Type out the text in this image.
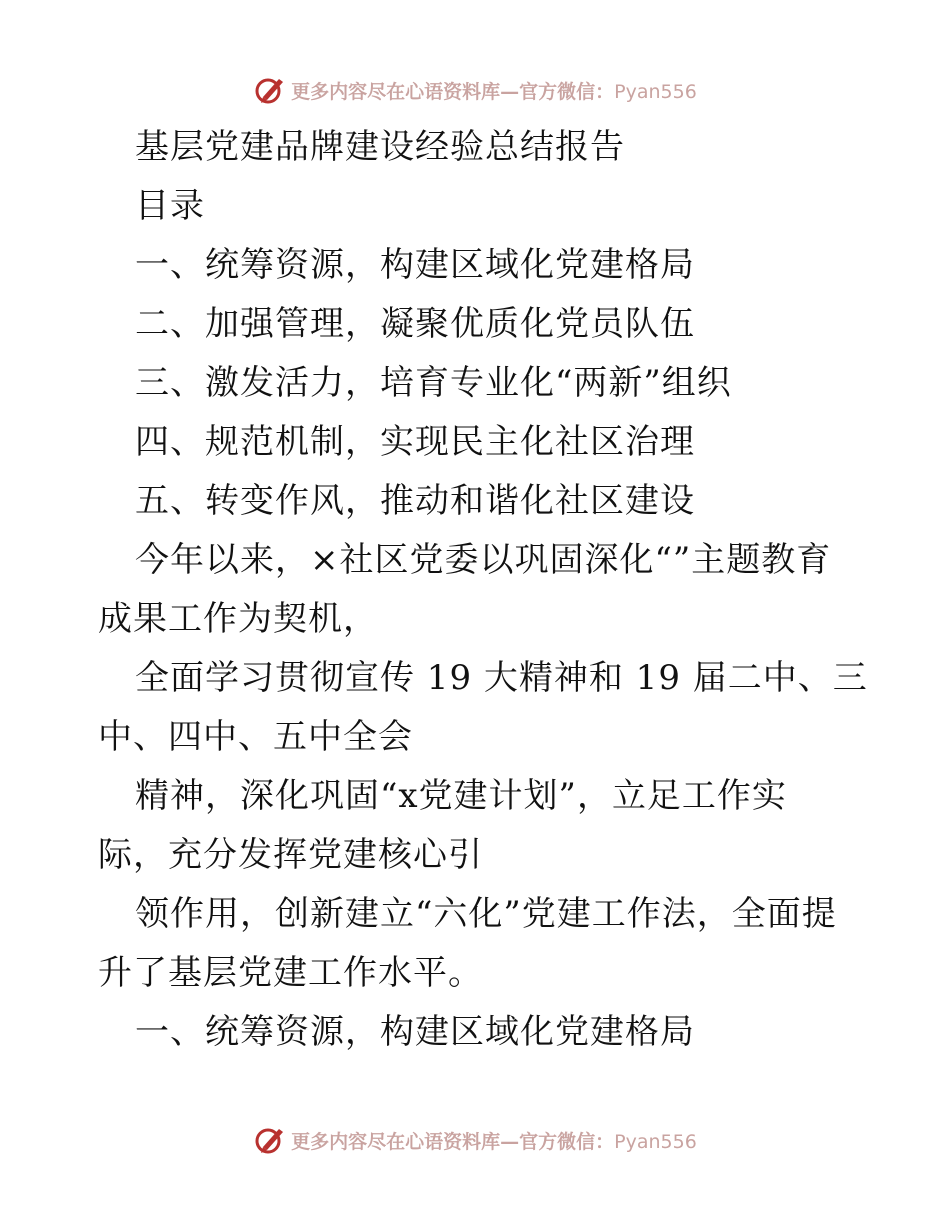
更多内容尽在心语资料库—官方微信：Pyan556
基层党建品牌建设经验总结报告
目录
一、统筹资源，构建区域化党建格局
二、加强管理，凝聚优质化党员队伍
三、激发活力，培育专业化“两新”组织
四、规范机制，实现民主化社区治理
五、转变作风，推动和谐化社区建设
今年以来，×社区党委以巩固深化“”主题教育
成果工作为契机，
全面学习贯彻宣传 19 大精神和 19 届二中、三
中、四中、五中全会
精神，深化巩固“x党建计划”，立足工作实
际，充分发挥党建核心引
领作用，创新建立“六化”党建工作法，全面提
升了基层党建工作水平。
一、统筹资源，构建区域化党建格局
更多内容尽在心语资料库—官方微信：Pyan556
